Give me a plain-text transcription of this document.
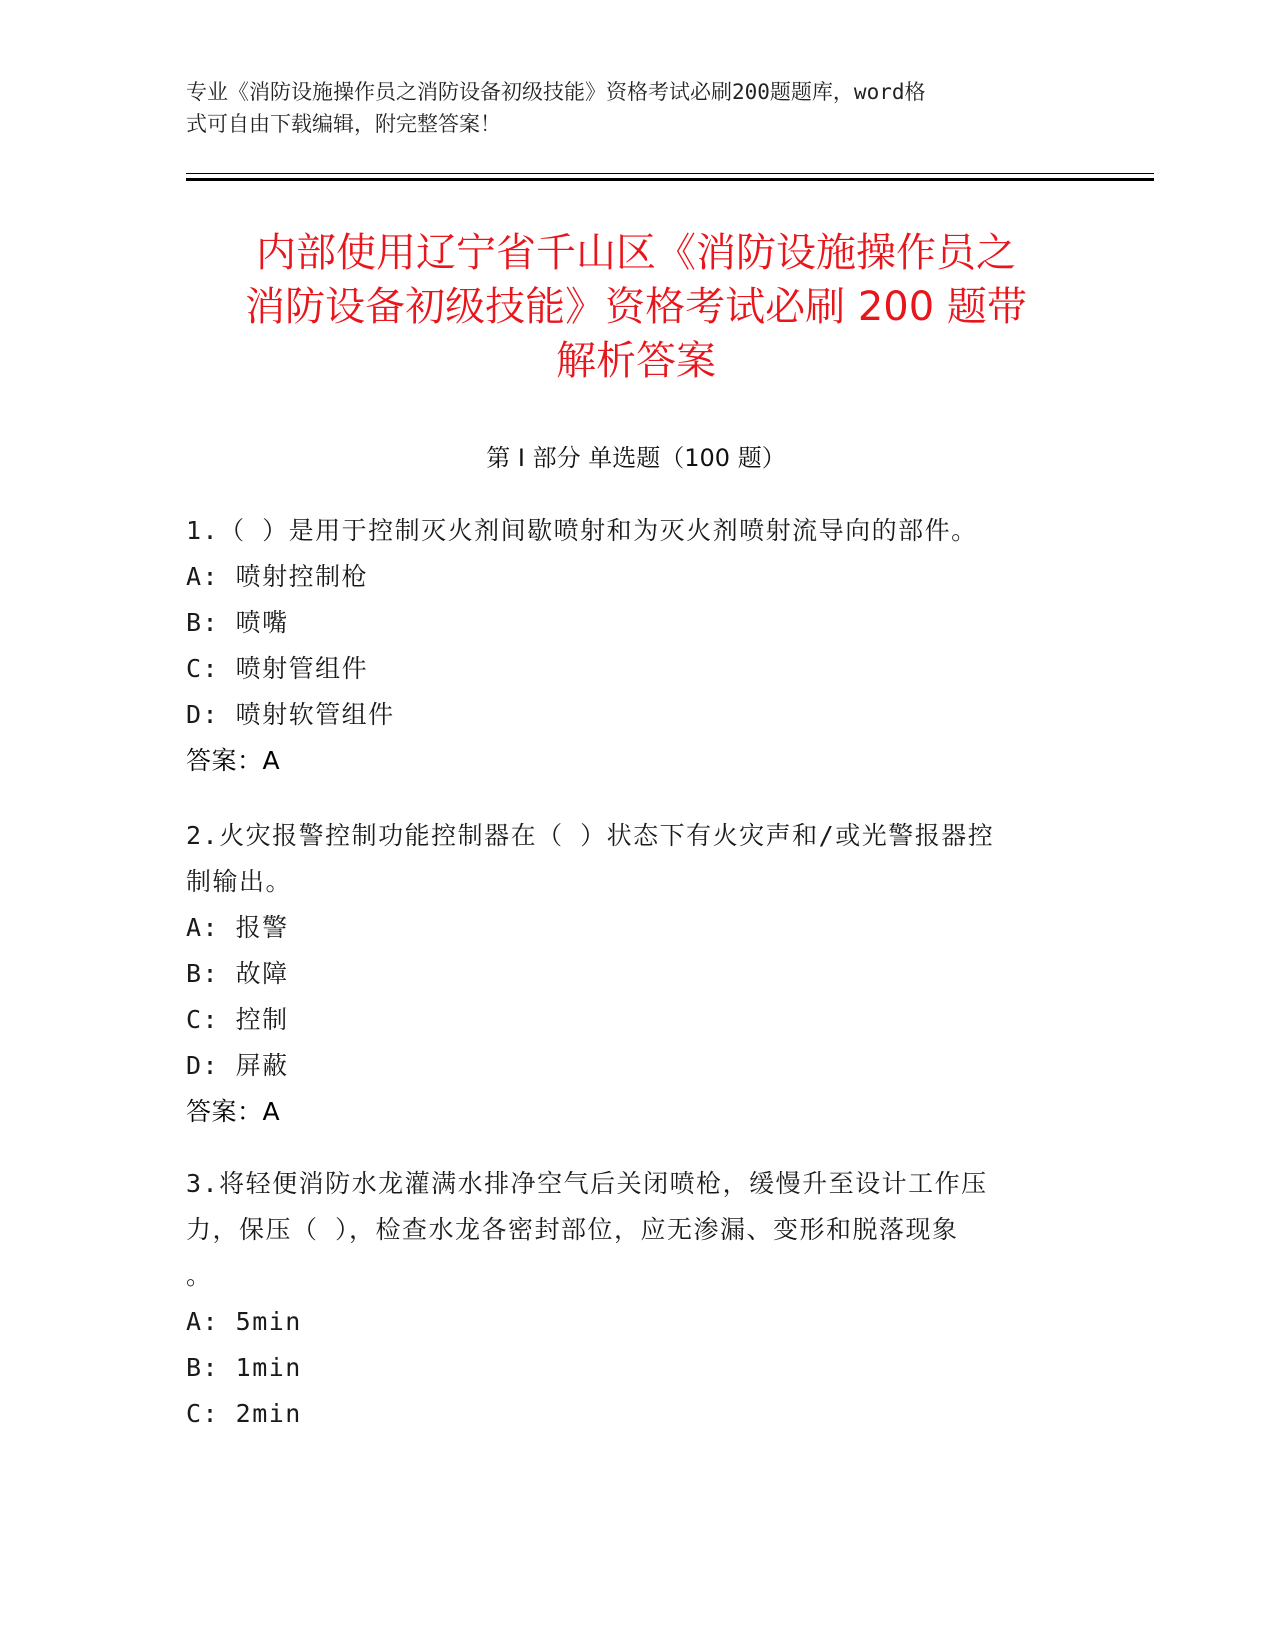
专业《消防设施操作员之消防设备初级技能》资格考试必刷200题题库，word格
式可自由下载编辑，附完整答案！
内部使用辽宁省千山区《消防设施操作员之
消防设备初级技能》资格考试必刷 200 题带
解析答案
第 I 部分 单选题（100 题）

1.（ ）是用于控制灭火剂间歇喷射和为灭火剂喷射流导向的部件。

A: 喷射控制枪

B: 喷嘴

C: 喷射管组件

D: 喷射软管组件

答案：A

2.火灾报警控制功能控制器在（ ）状态下有火灾声和/或光警报器控

制输出。

A: 报警

B: 故障

C: 控制

D: 屏蔽

答案：A

3.将轻便消防水龙灌满水排净空气后关闭喷枪，缓慢升至设计工作压

力，保压（ ），检查水龙各密封部位，应无渗漏、变形和脱落现象

。

A: 5min

B: 1min

C: 2min
